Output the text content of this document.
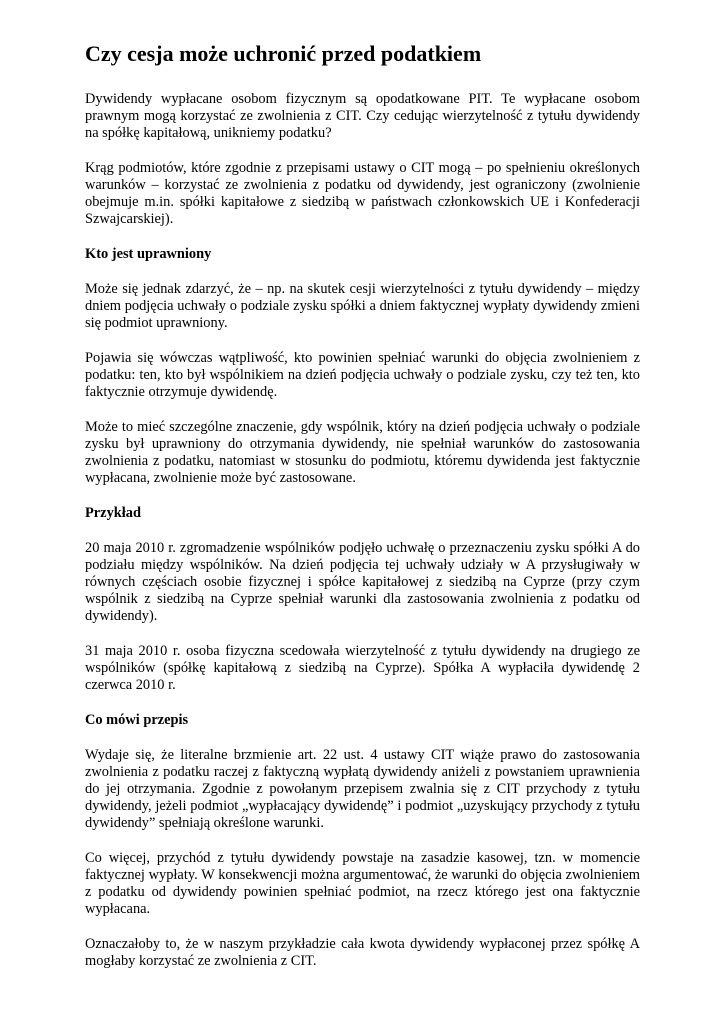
Czy cesja może uchronić przed podatkiem

Dywidendy wypłacane osobom fizycznym są opodatkowane PIT. Te wypłacane osobom prawnym mogą korzystać ze zwolnienia z CIT. Czy cedując wierzytelność z tytułu dywidendy na spółkę kapitałową, unikniemy podatku?

Krąg podmiotów, które zgodnie z przepisami ustawy o CIT mogą – po spełnieniu określonych warunków – korzystać ze zwolnienia z podatku od dywidendy, jest ograniczony (zwolnienie obejmuje m.in. spółki kapitałowe z siedzibą w państwach członkowskich UE i Konfederacji Szwajcarskiej).

Kto jest uprawniony

Może się jednak zdarzyć, że – np. na skutek cesji wierzytelności z tytułu dywidendy – między dniem podjęcia uchwały o podziale zysku spółki a dniem faktycznej wypłaty dywidendy zmieni się podmiot uprawniony.

Pojawia się wówczas wątpliwość, kto powinien spełniać warunki do objęcia zwolnieniem z podatku: ten, kto był wspólnikiem na dzień podjęcia uchwały o podziale zysku, czy też ten, kto faktycznie otrzymuje dywidendę.

Może to mieć szczególne znaczenie, gdy wspólnik, który na dzień podjęcia uchwały o podziale zysku był uprawniony do otrzymania dywidendy, nie spełniał warunków do zastosowania zwolnienia z podatku, natomiast w stosunku do podmiotu, któremu dywidenda jest faktycznie wypłacana, zwolnienie może być zastosowane.

Przykład

20 maja 2010 r. zgromadzenie wspólników podjęło uchwałę o przeznaczeniu zysku spółki A do podziału między wspólników. Na dzień podjęcia tej uchwały udziały w A przysługiwały w równych częściach osobie fizycznej i spółce kapitałowej z siedzibą na Cyprze (przy czym wspólnik z siedzibą na Cyprze spełniał warunki dla zastosowania zwolnienia z podatku od dywidendy).

31 maja 2010 r. osoba fizyczna scedowała wierzytelność z tytułu dywidendy na drugiego ze wspólników (spółkę kapitałową z siedzibą na Cyprze). Spółka A wypłaciła dywidendę 2 czerwca 2010 r.

Co mówi przepis

Wydaje się, że literalne brzmienie art. 22 ust. 4 ustawy CIT wiąże prawo do zastosowania zwolnienia z podatku raczej z faktyczną wypłatą dywidendy aniżeli z powstaniem uprawnienia do jej otrzymania. Zgodnie z powołanym przepisem zwalnia się z CIT przychody z tytułu dywidendy, jeżeli podmiot „wypłacający dywidendę” i podmiot „uzyskujący przychody z tytułu dywidendy” spełniają określone warunki.

Co więcej, przychód z tytułu dywidendy powstaje na zasadzie kasowej, tzn. w momencie faktycznej wypłaty. W konsekwencji można argumentować, że warunki do objęcia zwolnieniem z podatku od dywidendy powinien spełniać podmiot, na rzecz którego jest ona faktycznie wypłacana.

Oznaczałoby to, że w naszym przykładzie cała kwota dywidendy wypłaconej przez spółkę A mogłaby korzystać ze zwolnienia z CIT.
